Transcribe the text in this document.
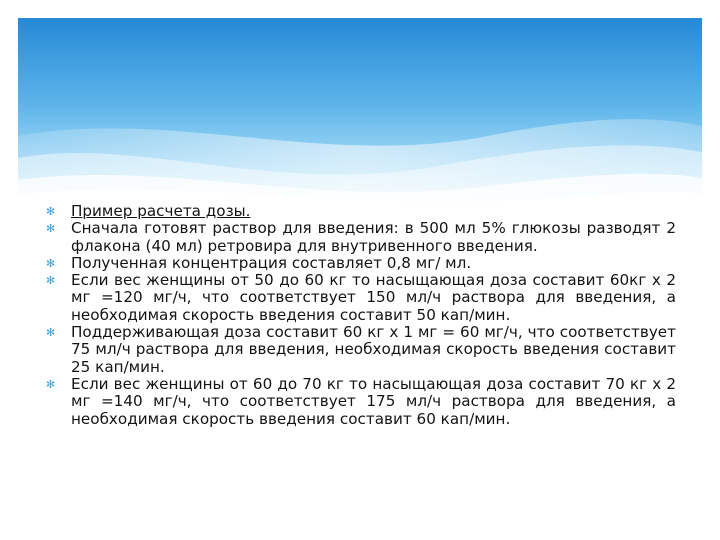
✻	Пример расчета дозы.
✻	Сначала готовят раствор для введения: в 500 мл 5% глюкозы разводят 2 флакона (40 мл) ретровира для внутривенного введения.
✻	Полученная концентрация составляет 0,8 мг/ мл.
✻	Если вес женщины от 50 до 60 кг то насыщающая доза составит 60кг х 2 мг =120 мг/ч, что соответствует 150 мл/ч раствора для введения, а необходимая скорость введения составит 50 кап/мин.
✻	Поддерживающая доза составит 60 кг х 1 мг = 60 мг/ч, что соответствует 75 мл/ч раствора для введения, необходимая скорость введения составит 25 кап/мин.
✻	Если вес женщины от 60 до 70 кг то насыщающая доза составит 70 кг х 2 мг =140 мг/ч, что соответствует 175 мл/ч раствора для введения, а необходимая скорость введения составит 60 кап/мин.
